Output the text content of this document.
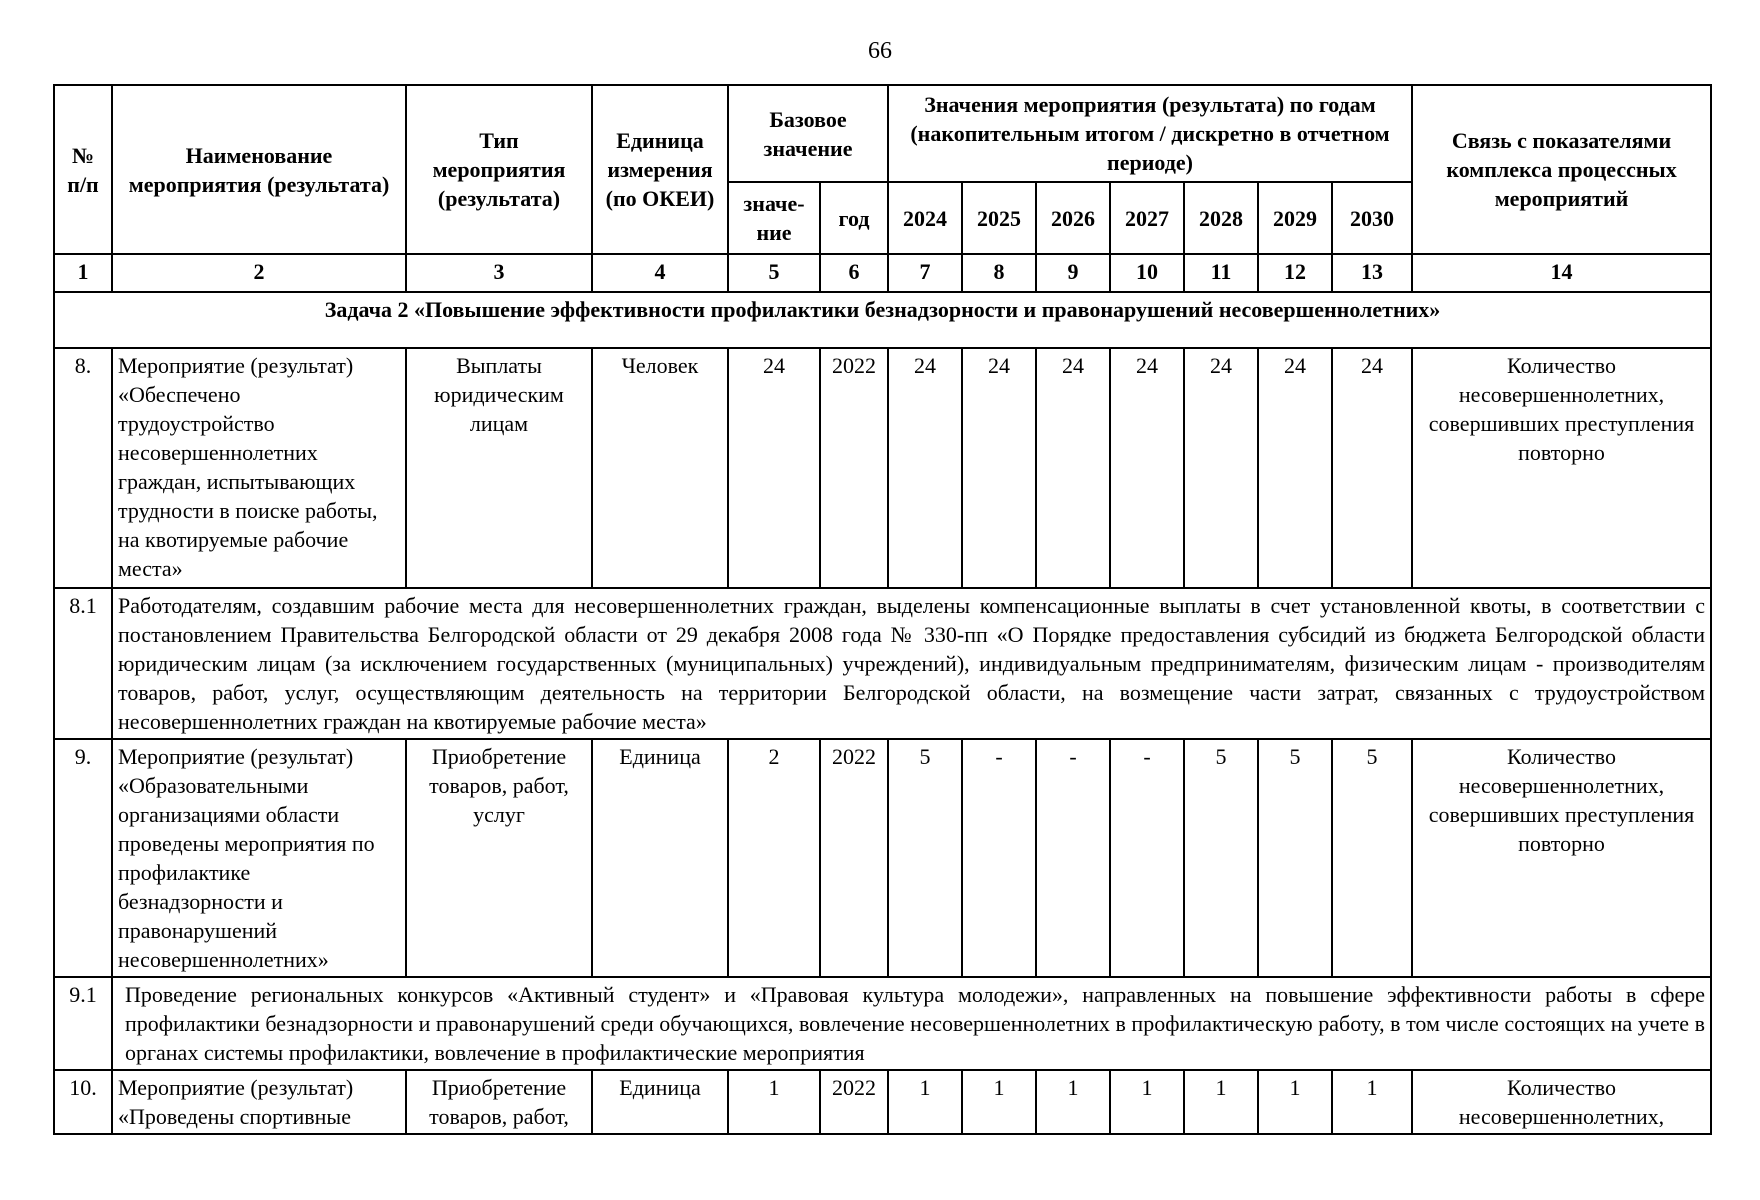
66
№ п/п	Наименование мероприятия (результата)	Тип мероприятия (результата)	Единица измерения (по ОКЕИ)	Базовое значение		Значения мероприятия (результата) по годам (накопительным итогом / дискретно в отчетном периоде)							Связь с показателями комплекса процессных мероприятий
				значе-ние	год	2024	2025	2026	2027	2028	2029	2030	
1	2	3	4	5	6	7	8	9	10	11	12	13	14
Задача 2 «Повышение эффективности профилактики безнадзорности и правонарушений несовершеннолетних»													
8.	Мероприятие (результат) «Обеспечено трудоустройство несовершеннолетних граждан, испытывающих трудности в поиске работы, на квотируемые рабочие места»	Выплаты юридическим лицам	Человек	24	2022	24	24	24	24	24	24	24	Количество несовершеннолетних, совершивших преступления повторно
8.1	Работодателям, создавшим рабочие места для несовершеннолетних граждан, выделены компенсационные выплаты в счет установленной квоты, в соответствии с постановлением Правительства Белгородской области от 29 декабря 2008 года № 330-пп «О Порядке предоставления субсидий из бюджета Белгородской области юридическим лицам (за исключением государственных (муниципальных) учреждений), индивидуальным предпринимателям, физическим лицам - производителям товаров, работ, услуг, осуществляющим деятельность на территории Белгородской области, на возмещение части затрат, связанных с трудоустройством несовершеннолетних граждан на квотируемые рабочие места»												
9.	Мероприятие (результат) «Образовательными организациями области проведены мероприятия по профилактике безнадзорности и правонарушений несовершеннолетних»	Приобретение товаров, работ, услуг	Единица	2	2022	5	-	-	-	5	5	5	Количество несовершеннолетних, совершивших преступления повторно
9.1	Проведение региональных конкурсов «Активный студент» и «Правовая культура молодежи», направленных на повышение эффективности работы в сфере профилактики безнадзорности и правонарушений среди обучающихся, вовлечение несовершеннолетних в профилактическую работу, в том числе состоящих на учете в органах системы профилактики, вовлечение в профилактические мероприятия												
10.	Мероприятие (результат) «Проведены спортивные	Приобретение товаров, работ,	Единица	1	2022	1	1	1	1	1	1	1	Количество несовершеннолетних,
